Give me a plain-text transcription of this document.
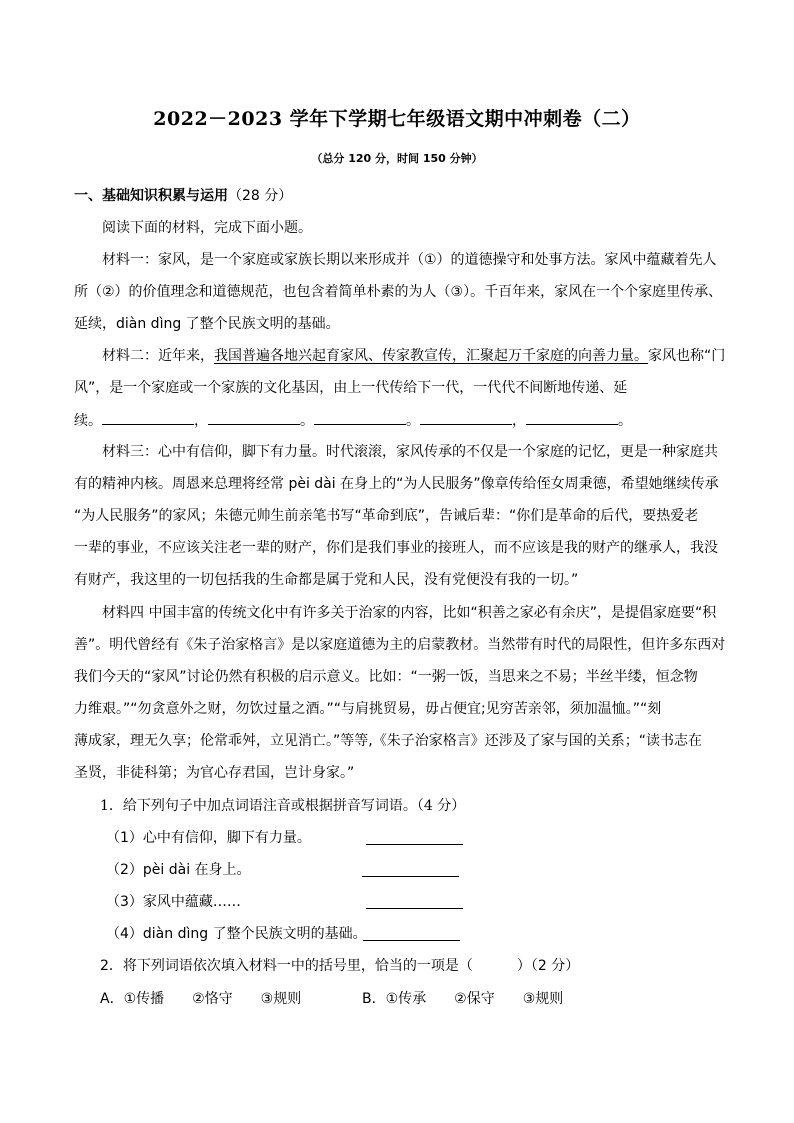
2022－2023 学年下学期七年级语文期中冲刺卷（二）
（总分 120 分，时间 150 分钟）
一、基础知识积累与运用（28 分）
阅读下面的材料，完成下面小题。
材料一：家风，是一个家庭或家族长期以来形成并（①）的道德操守和处事方法。家风中蕴藏着先人
所（②）的价值理念和道德规范，也包含着简单朴素的为人（③）。千百年来，家风在一个个家庭里传承、
延续，diàn dìng 了整个民族文明的基础。
材料二：近年来，我国普遍各地兴起育家风、传家教宣传，汇聚起万千家庭的向善力量。家风也称“门
风”，是一个家庭或一个家族的文化基因，由上一代传给下一代，一代代不间断地传递、延
续。	，	。	。	，	。
材料三：心中有信仰，脚下有力量。时代滚滚，家风传承的不仅是一个家庭的记忆，更是一种家庭共
有的精神内核。周恩来总理将经常 pèi dài 在身上的“为人民服务”像章传给侄女周秉德，希望她继续传承
“为人民服务”的家风；朱德元帅生前亲笔书写“革命到底”，告诫后辈：“你们是革命的后代，要热爱老
一辈的事业，不应该关注老一辈的财产，你们是我们事业的接班人，而不应该是我的财产的继承人，我没
有财产，我这里的一切包括我的生命都是属于党和人民，没有党便没有我的一切。”
材料四 中国丰富的传统文化中有许多关于治家的内容，比如“积善之家必有余庆”，是提倡家庭要“积
善”。明代曾经有《朱子治家格言》是以家庭道德为主的启蒙教材。当然带有时代的局限性，但许多东西对
我们今天的“家风”讨论仍然有积极的启示意义。比如：“一粥一饭，当思来之不易；半丝半缕，恒念物
力维艰。”“勿贪意外之财，勿饮过量之酒。”“与肩挑贸易，毋占便宜;见穷苦亲邻，须加温恤。”“刻
薄成家，理无久享；伦常乖舛，立见消亡。”等等,《朱子治家格言》还涉及了家与国的关系；“读书志在
圣贤，非徒科第；为官心存君国，岂计身家。”
1．给下列句子中加点词语注音或根据拼音写词语。（4 分）
（1）心中有信仰，脚下有力量。
（2）pèi dài 在身上。
（3）家风中蕴藏……
（4）diàn dìng 了整个民族文明的基础。
2．将下列词语依次填入材料一中的括号里，恰当的一项是（	）（2 分）
A．①传播　　②恪守　　③规则	B．①传承　　②保守　　③规则
